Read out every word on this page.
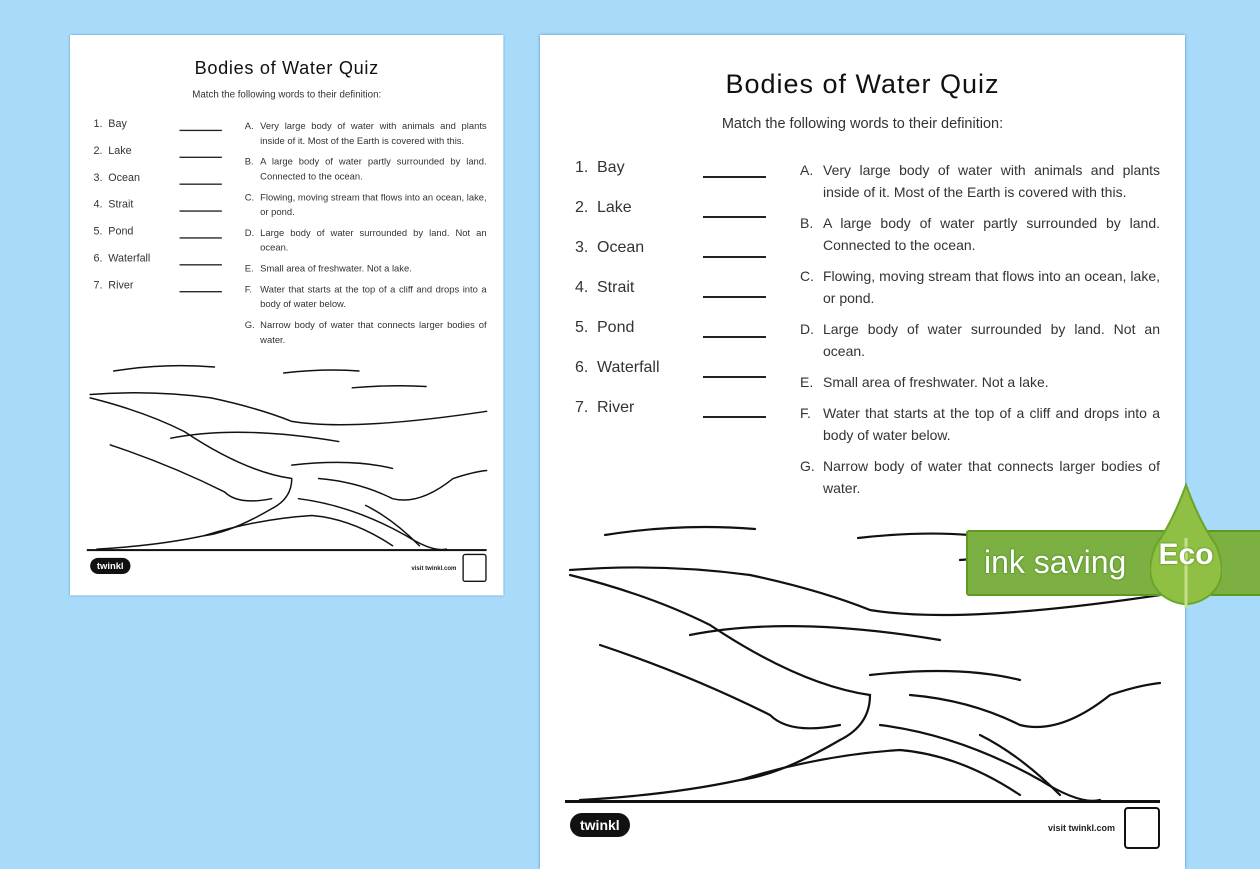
Bodies of Water Quiz
Match the following words to their definition:
1. Bay
2. Lake
3. Ocean
4. Strait
5. Pond
6. Waterfall
7. River
A. Very large body of water with animals and plants inside of it. Most of the Earth is covered with this.
B. A large body of water partly surrounded by land. Connected to the ocean.
C. Flowing, moving stream that flows into an ocean, lake, or pond.
D. Large body of water surrounded by land. Not an ocean.
E. Small area of freshwater. Not a lake.
F. Water that starts at the top of a cliff and drops into a body of water below.
G. Narrow body of water that connects larger bodies of water.
twinkl	visit twinkl.com
Bodies of Water Quiz
Match the following words to their definition:
1. Bay
2. Lake
3. Ocean
4. Strait
5. Pond
6. Waterfall
7. River
A. Very large body of water with animals and plants inside of it. Most of the Earth is covered with this.
B. A large body of water partly surrounded by land. Connected to the ocean.
C. Flowing, moving stream that flows into an ocean, lake, or pond.
D. Large body of water surrounded by land. Not an ocean.
E. Small area of freshwater. Not a lake.
F. Water that starts at the top of a cliff and drops into a body of water below.
G. Narrow body of water that connects larger bodies of water.
twinkl	visit twinkl.com
ink saving Eco
